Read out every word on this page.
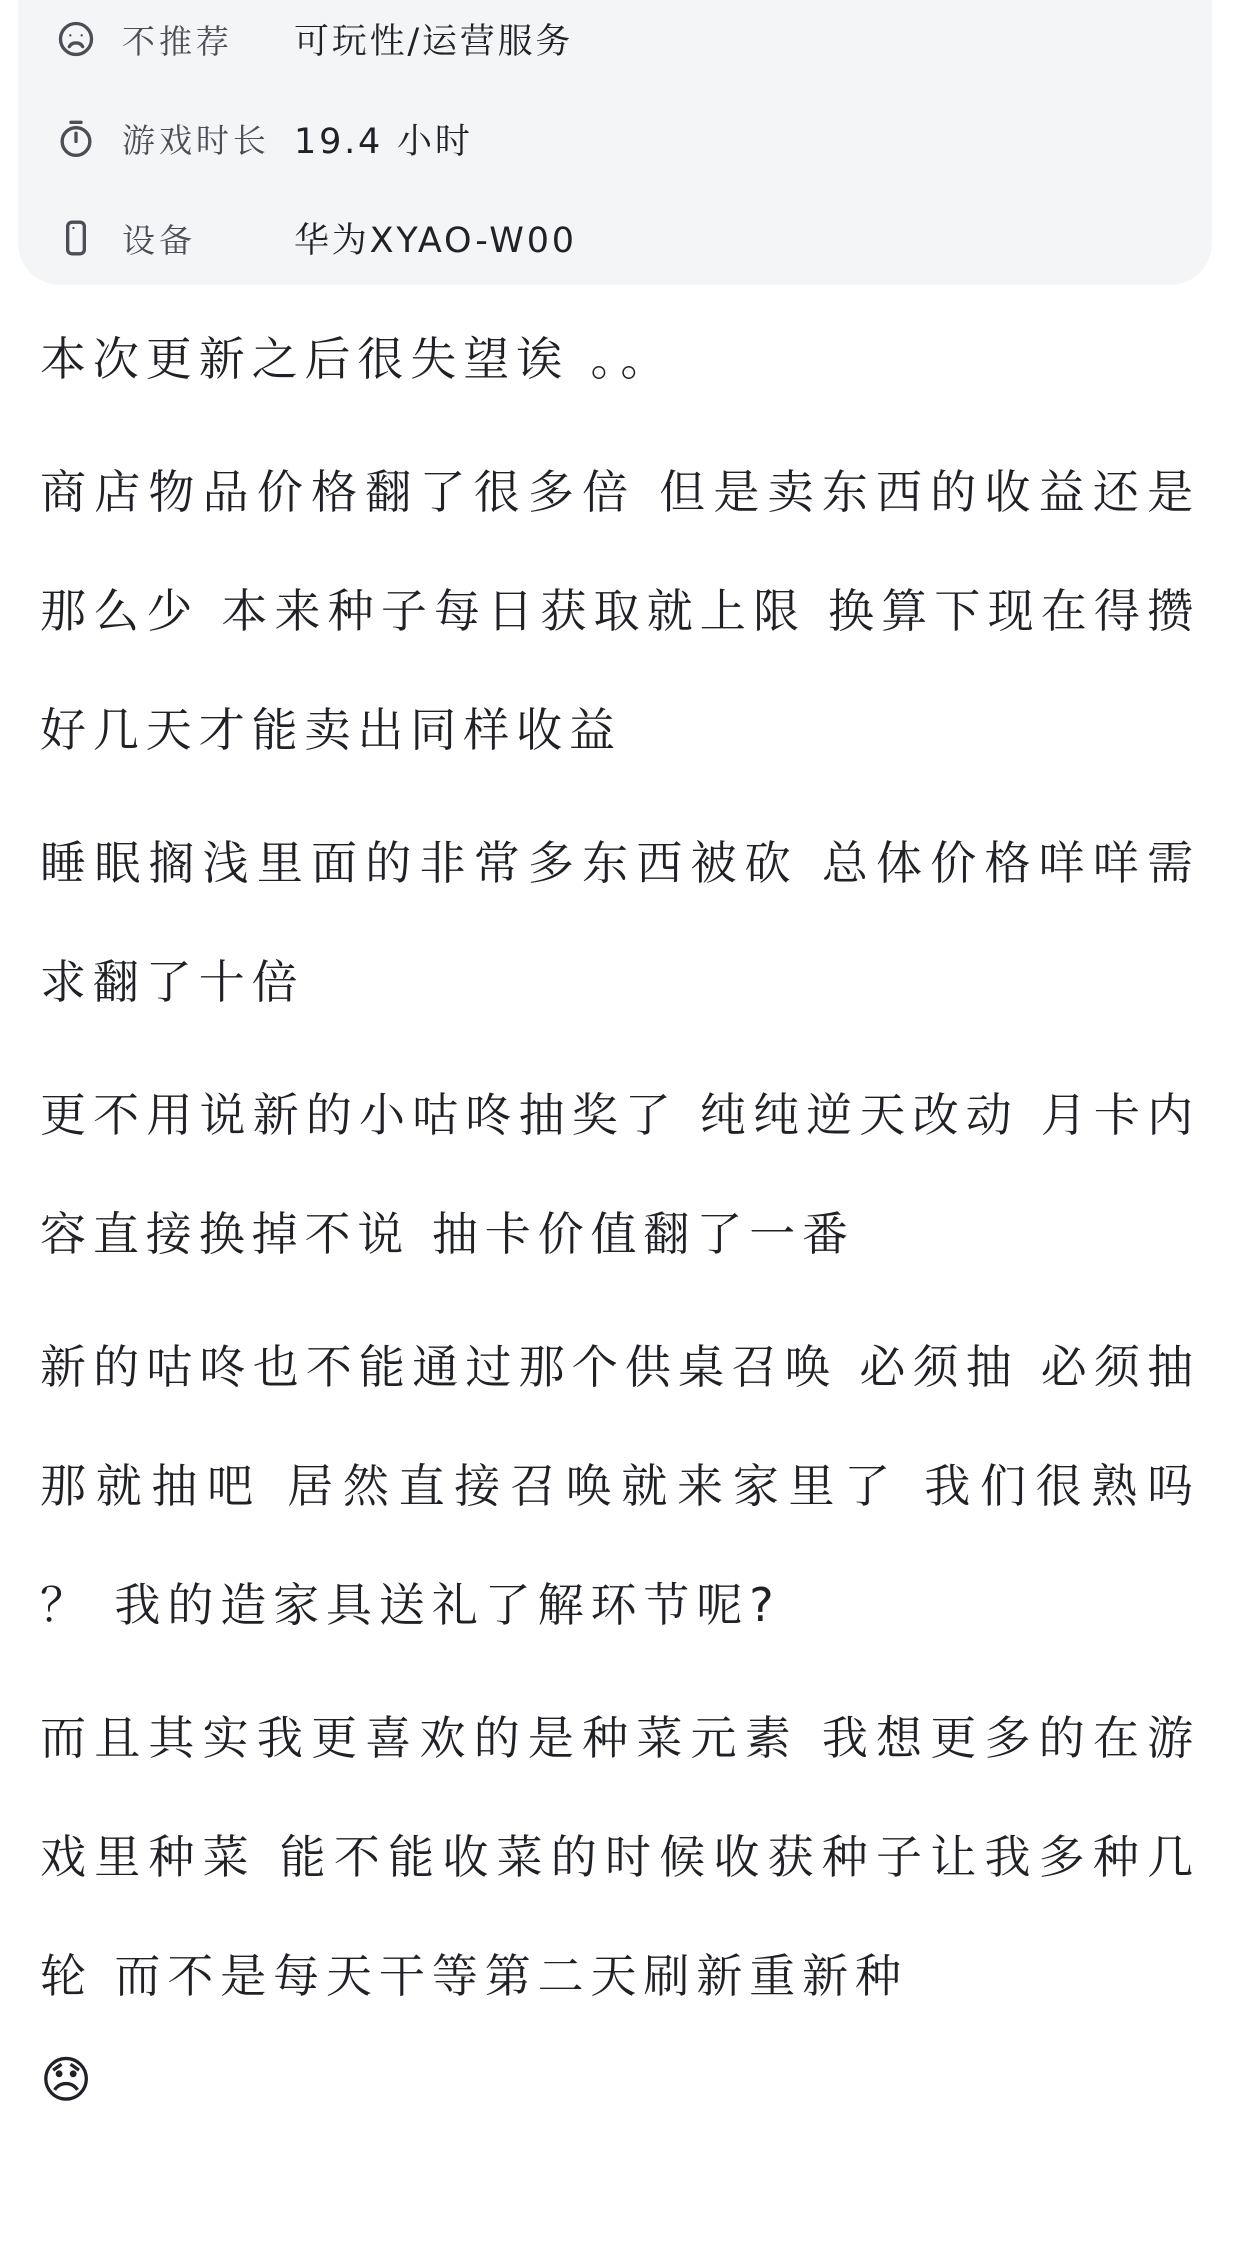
不推荐	可玩性/运营服务
游戏时长 19.4 小时
设备	华为XYAO-W00

本次更新之后很失望诶 。。

商店物品价格翻了很多倍 但是卖东西的收益还是那么少 本来种子每日获取就上限 换算下现在得攒好几天才能卖出同样收益

睡眠搁浅里面的非常多东西被砍 总体价格咩咩需求翻了十倍

更不用说新的小咕咚抽奖了 纯纯逆天改动 月卡内容直接换掉不说 抽卡价值翻了一番

新的咕咚也不能通过那个供桌召唤 必须抽 必须抽那就抽吧 居然直接召唤就来家里了 我们很熟吗 ？ 我的造家具送礼了解环节呢?

而且其实我更喜欢的是种菜元素 我想更多的在游戏里种菜 能不能收菜的时候收获种子让我多种几轮 而不是每天干等第二天刷新重新种

😞
